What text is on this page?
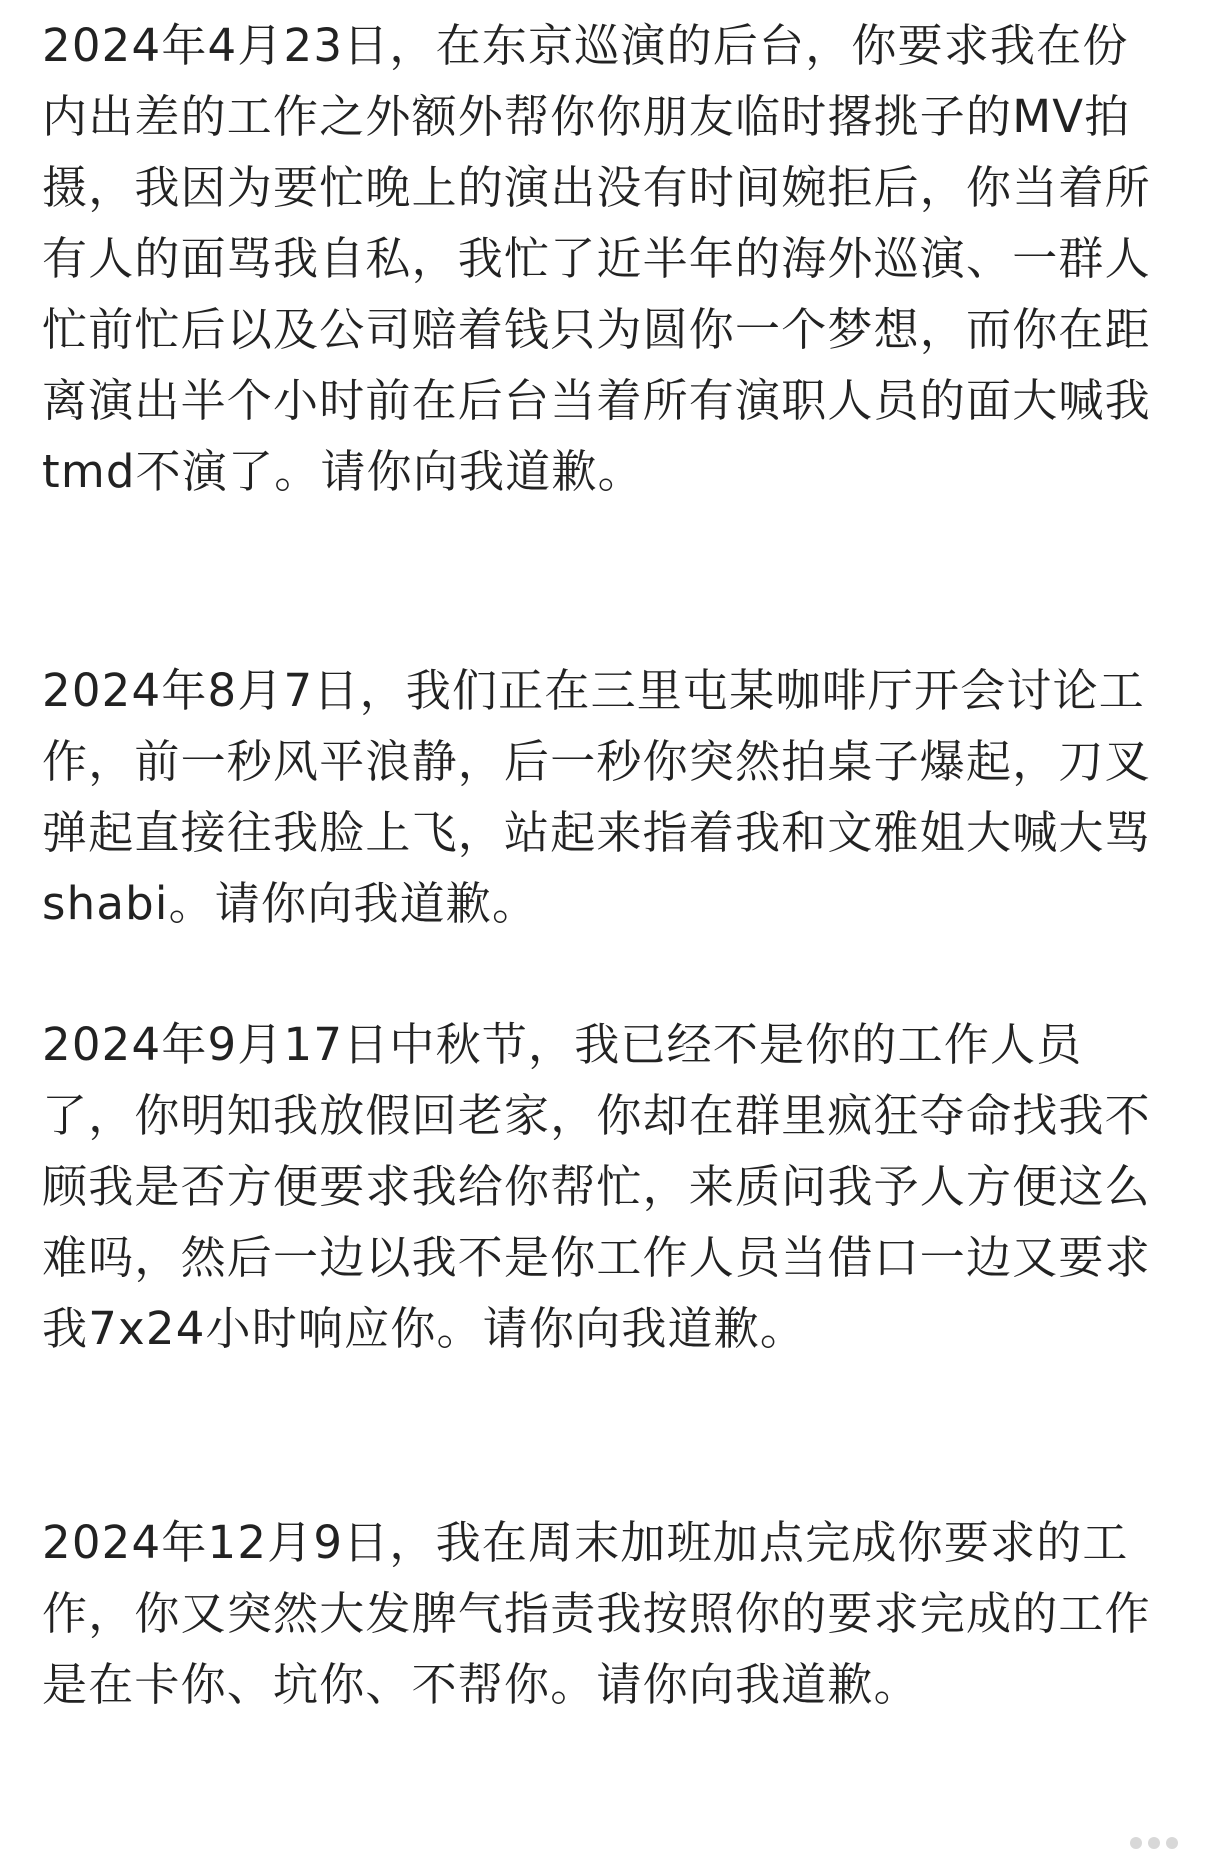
2024年4月23日，在东京巡演的后台，你要求我在份内出差的工作之外额外帮你你朋友临时撂挑子的MV拍摄，我因为要忙晚上的演出没有时间婉拒后，你当着所有人的面骂我自私，我忙了近半年的海外巡演、一群人忙前忙后以及公司赔着钱只为圆你一个梦想，而你在距离演出半个小时前在后台当着所有演职人员的面大喊我tmd不演了。请你向我道歉。

2024年8月7日，我们正在三里屯某咖啡厅开会讨论工作，前一秒风平浪静，后一秒你突然拍桌子爆起，刀叉弹起直接往我脸上飞，站起来指着我和文雅姐大喊大骂shabi。请你向我道歉。

2024年9月17日中秋节，我已经不是你的工作人员了，你明知我放假回老家，你却在群里疯狂夺命找我不顾我是否方便要求我给你帮忙，来质问我予人方便这么难吗，然后一边以我不是你工作人员当借口一边又要求我7x24小时响应你。请你向我道歉。

2024年12月9日，我在周末加班加点完成你要求的工作，你又突然大发脾气指责我按照你的要求完成的工作是在卡你、坑你、不帮你。请你向我道歉。
